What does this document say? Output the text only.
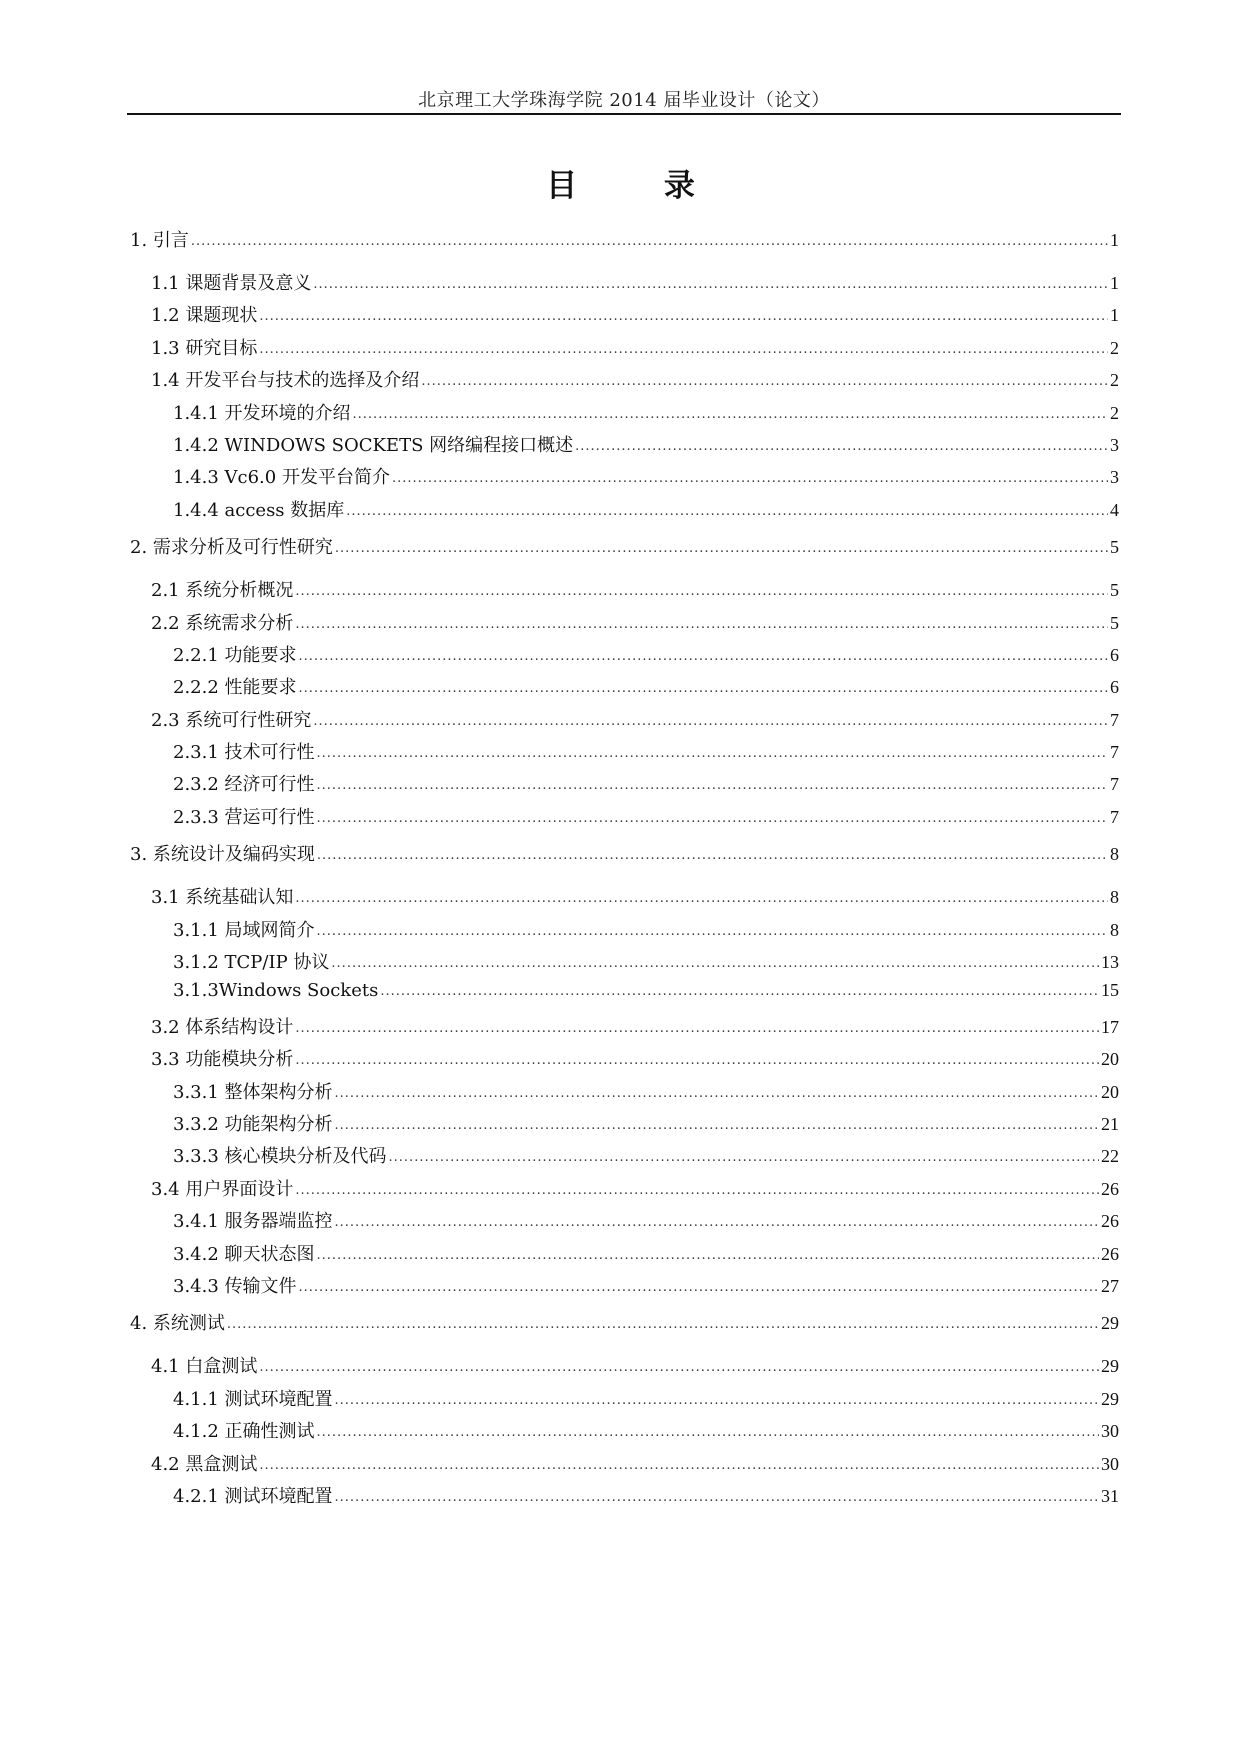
北京理工大学珠海学院 2014 届毕业设计（论文）
目 录
1. 引言 .....	1
1.1 课题背景及意义 .....	1
1.2 课题现状 .....	1
1.3 研究目标 .....	2
1.4 开发平台与技术的选择及介绍 .....	2
1.4.1 开发环境的介绍 .....	2
1.4.2 WINDOWS SOCKETS 网络编程接口概述 .....	3
1.4.3 Vc6.0 开发平台简介 .....	3
1.4.4 access 数据库 .....	4
2. 需求分析及可行性研究 .....	5
2.1 系统分析概况 .....	5
2.2 系统需求分析 .....	5
2.2.1 功能要求 .....	6
2.2.2 性能要求 .....	6
2.3 系统可行性研究 .....	7
2.3.1 技术可行性 .....	7
2.3.2 经济可行性 .....	7
2.3.3 营运可行性 .....	7
3. 系统设计及编码实现 .....	8
3.1 系统基础认知 .....	8
3.1.1 局域网简介 .....	8
3.1.2 TCP/IP 协议 .....	13
3.1.3Windows Sockets .....	15
3.2 体系结构设计 .....	17
3.3 功能模块分析 .....	20
3.3.1 整体架构分析 .....	20
3.3.2 功能架构分析 .....	21
3.3.3 核心模块分析及代码 .....	22
3.4 用户界面设计 .....	26
3.4.1 服务器端监控 .....	26
3.4.2 聊天状态图 .....	26
3.4.3 传输文件 .....	27
4. 系统测试 .....	29
4.1 白盒测试 .....	29
4.1.1 测试环境配置 .....	29
4.1.2 正确性测试 .....	30
4.2 黑盒测试 .....	30
4.2.1 测试环境配置 .....	31
